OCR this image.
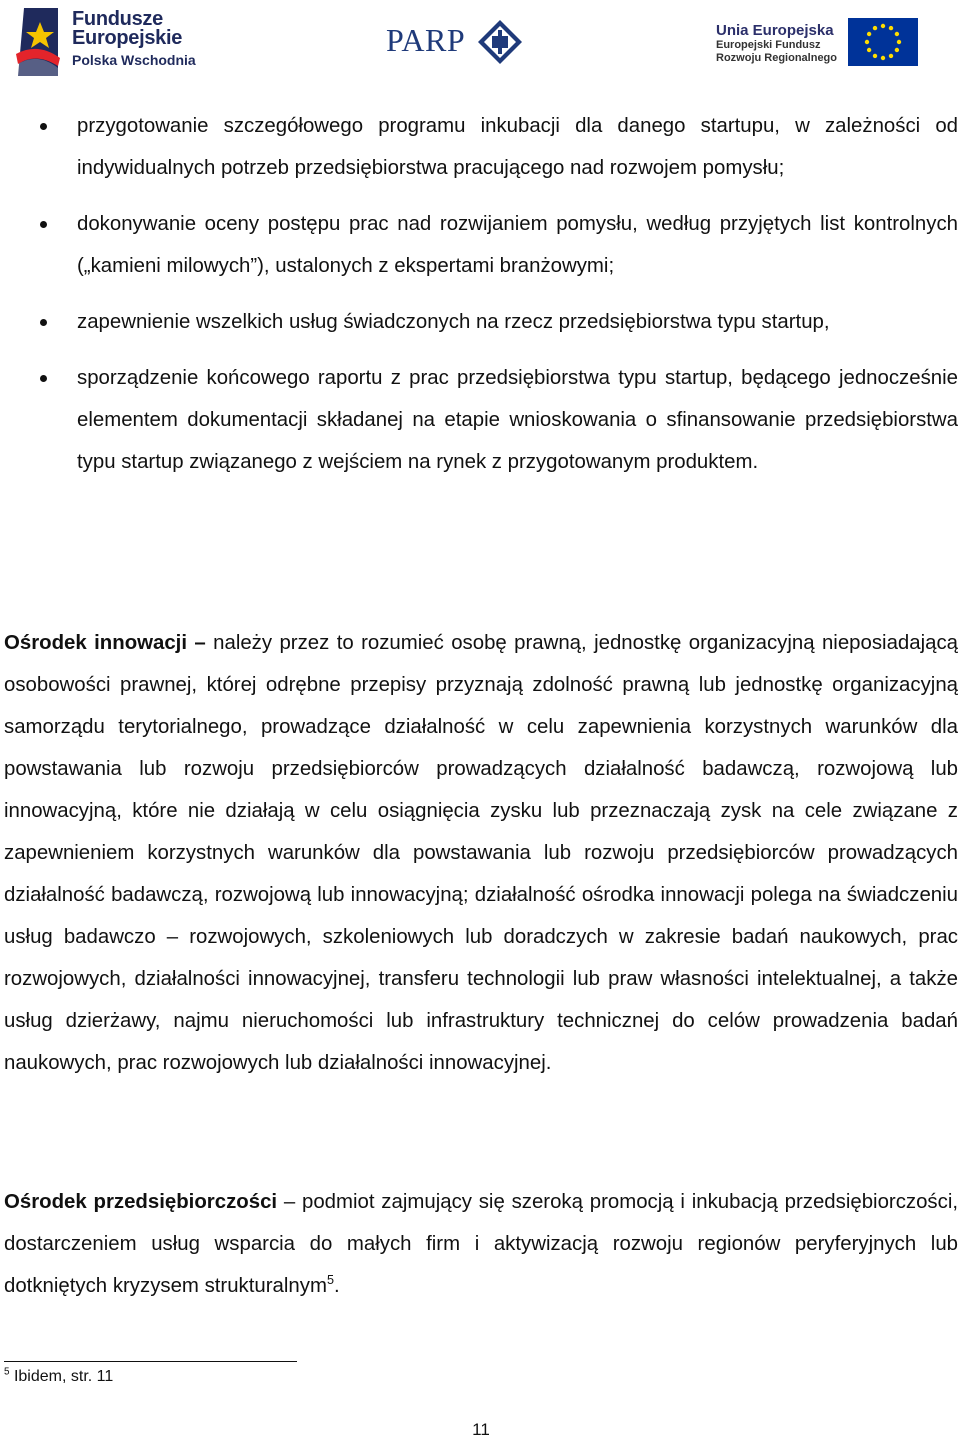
Fundusze
Europejskie
Polska Wschodnia
PARP	Unia Europejska
Europejski Fundusz
Rozwoju Regionalnego
przygotowanie szczegółowego programu inkubacji dla danego startupu, w zależności od indywidualnych potrzeb przedsiębiorstwa pracującego nad rozwojem pomysłu;
dokonywanie oceny postępu prac nad rozwijaniem pomysłu, według przyjętych list kontrolnych („kamieni milowych”), ustalonych z ekspertami branżowymi;
zapewnienie wszelkich usług świadczonych na rzecz przedsiębiorstwa typu startup,
sporządzenie końcowego raportu z prac przedsiębiorstwa typu startup, będącego jednocześnie elementem dokumentacji składanej na etapie wnioskowania o sfinansowanie przedsiębiorstwa typu startup związanego z wejściem na rynek z przygotowanym produktem.

Ośrodek innowacji – należy przez to rozumieć osobę prawną, jednostkę organizacyjną nieposiadającą osobowości prawnej, której odrębne przepisy przyznają zdolność prawną lub jednostkę organizacyjną samorządu terytorialnego, prowadzące działalność w celu zapewnienia korzystnych warunków dla powstawania lub rozwoju przedsiębiorców prowadzących działalność badawczą, rozwojową lub innowacyjną, które nie działają w celu osiągnięcia zysku lub przeznaczają zysk na cele związane z zapewnieniem korzystnych warunków dla powstawania lub rozwoju przedsiębiorców prowadzących działalność badawczą, rozwojową lub innowacyjną; działalność ośrodka innowacji polega na świadczeniu usług badawczo – rozwojowych, szkoleniowych lub doradczych w zakresie badań naukowych, prac rozwojowych, działalności innowacyjnej, transferu technologii lub praw własności intelektualnej, a także usług dzierżawy, najmu nieruchomości lub infrastruktury technicznej do celów prowadzenia badań naukowych, prac rozwojowych lub działalności innowacyjnej.

Ośrodek przedsiębiorczości – podmiot zajmujący się szeroką promocją i inkubacją przedsiębiorczości, dostarczeniem usług wsparcia do małych firm i aktywizacją rozwoju regionów peryferyjnych lub dotkniętych kryzysem strukturalnym$^5$.

$^5$ Ibidem, str. 11
11
